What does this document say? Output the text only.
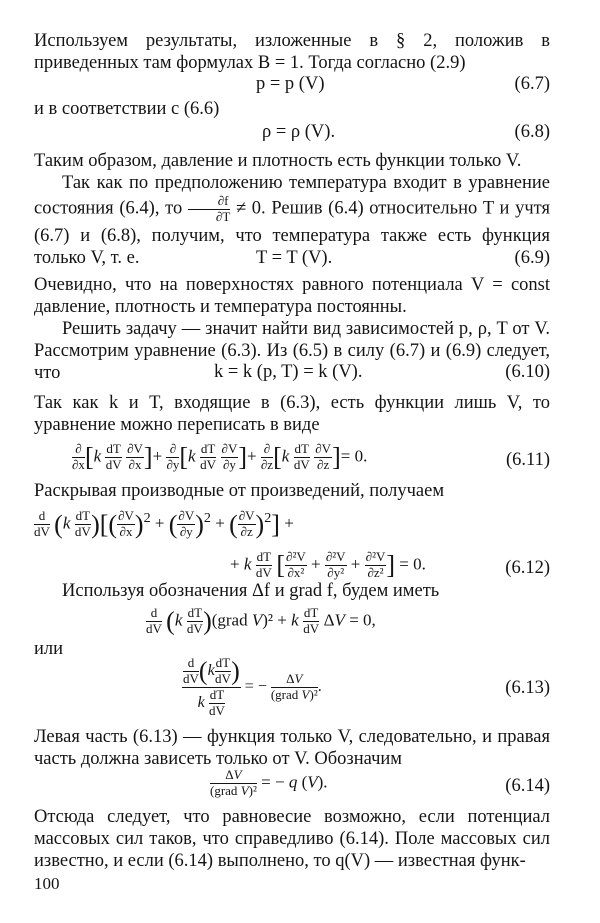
Используем результаты, изложенные в § 2, положив в приведенных там формулах B = 1. Тогда согласно (2.9)

p = p (V)	(6.7)

и в соответствии с (6.6)

ρ = ρ (V).	(6.8)

Таким образом, давление и плотность есть функции только V.

Так как по предположению температура входит в уравнение состояния (6.4), то $\frac{\partial f}{\partial T} \ne 0$. Решив (6.4) относительно T и учтя (6.7) и (6.8), получим, что температура также есть функция только V, т. е.	T = T (V).	(6.9)

Очевидно, что на поверхностях равного потенциала V = const давление, плотность и температура постоянны.

Решить задачу — значит найти вид зависимостей p, ρ, T от V. Рассмотрим уравнение (6.3). Из (6.5) в силу (6.7) и (6.9) следует, что	k = k (p, T) = k (V).	(6.10)

Так как k и T, входящие в (6.3), есть функции лишь V, то уравнение можно переписать в виде

$\frac{\partial}{\partial x} [k \frac{dT}{dV}$
$\frac{\partial V}{\partial x}$ ]+ $\frac{\partial}{\partial y} [k \frac{dT}{dV}$
$\frac{\partial V}{\partial y}$ ]+ $\frac{\partial}{\partial z} [k \frac{dT}{dV}$
$\frac{\partial V}{\partial z}$ ]= 0.	(6.11)

Раскрывая производные от произведений, получаем

$\frac{d}{dV} (k \frac{dT}{dV}$ )[( $\frac{\partial V}{\partial x} )^2$ + ( $\frac{\partial V}{\partial y} )^2$ + ( $\frac{\partial V}{\partial z} )^2$] +
+ k $\frac{dT}{dV}$ [ $\frac{\text{∂²V}}{\text{∂x²}} + \frac{\text{∂²V}}{\text{∂y²}} + \frac{\text{∂²V}}{\text{∂z²}}$ ] = 0.	(6.12)

Используя обозначения Δf и grad f, будем иметь

$\frac{d}{dV} (k \frac{dT}{dV}$ )(grad V)² + k $\frac{dT}{dV}$ ΔV = 0,

или

$\frac{\frac{d}{dV} (k \frac{dT}{dV} )}{k \frac{dT}{dV}}$ = − $\frac{\Delta V}{\text{(grad V)²}}$ .	(6.13)

Левая часть (6.13) — функция только V, следовательно, и правая часть должна зависеть только от V. Обозначим

$\frac{\Delta V}{\text{(grad V)²}}$ = − q (V).	(6.14)

Отсюда следует, что равновесие возможно, если потенциал массовых сил таков, что справедливо (6.14). Поле массовых сил известно, и если (6.14) выполнено, то q(V) — известная функ-

100
